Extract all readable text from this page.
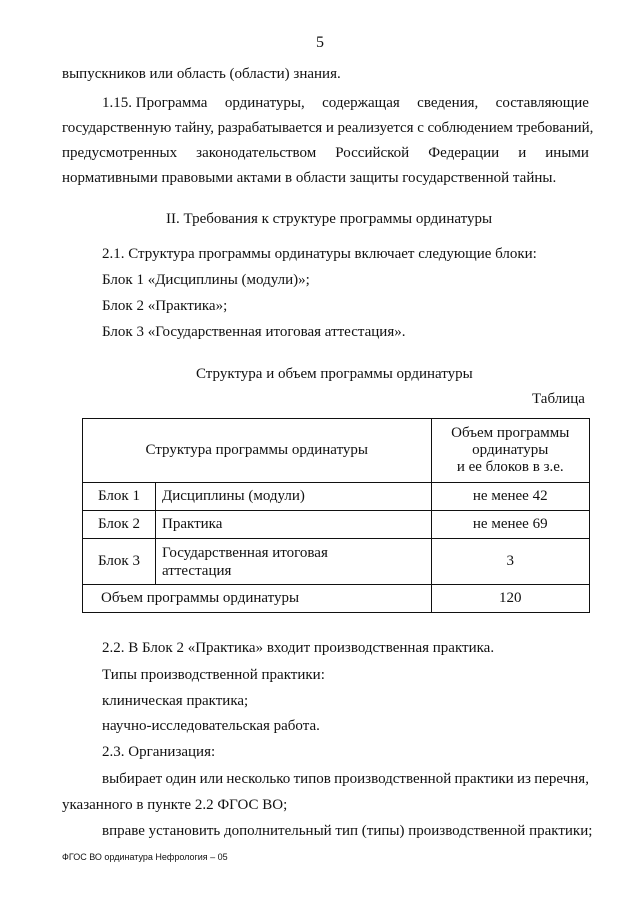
5
выпускников или область (области) знания.
1.15. Программа ординатуры, содержащая сведения, составляющие
государственную тайну, разрабатывается и реализуется с соблюдением требований,
предусмотренных законодательством Российской Федерации и иными
нормативными правовыми актами в области защиты государственной тайны.
II. Требования к структуре программы ординатуры
2.1. Структура программы ординатуры включает следующие блоки:
Блок 1 «Дисциплины (модули)»;
Блок 2 «Практика»;
Блок 3 «Государственная итоговая аттестация».
Структура и объем программы ординатуры
Таблица
Структура программы ординатуры		Объем программы
ординатуры
и ее блоков в з.е.

Блок 1	Дисциплины (модули)	не менее 42
Блок 2	Практика	не менее 69
Блок 3	Государственная итоговая
аттестация	3
Объем программы ординатуры		120
2.2. В Блок 2 «Практика» входит производственная практика.
Типы производственной практики:
клиническая практика;
научно-исследовательская работа.
2.3. Организация:
выбирает один или несколько типов производственной практики из перечня,
указанного в пункте 2.2 ФГОС ВО;
вправе установить дополнительный тип (типы) производственной практики;
ФГОС ВО ординатура Нефрология – 05
